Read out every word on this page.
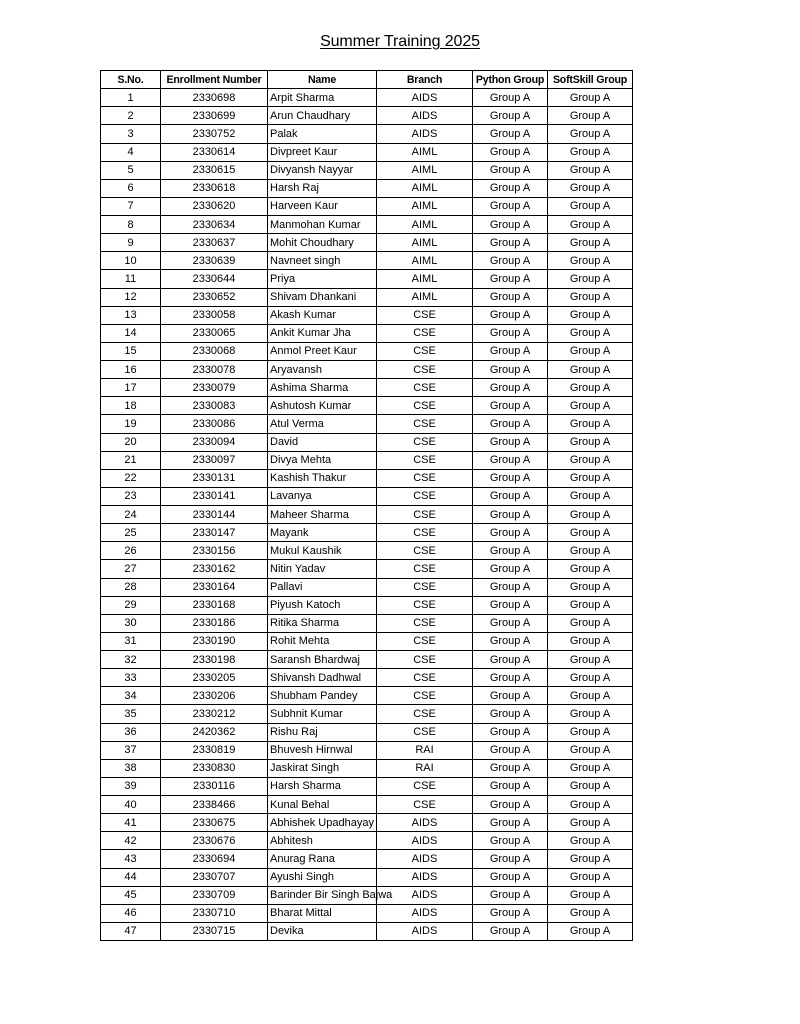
Summer Training 2025
S.No.	Enrollment Number	Name	Branch	Python Group	SoftSkill Group
1	2330698	Arpit Sharma	AIDS	Group A	Group A
2	2330699	Arun Chaudhary	AIDS	Group A	Group A
3	2330752	Palak	AIDS	Group A	Group A
4	2330614	Divpreet Kaur	AIML	Group A	Group A
5	2330615	Divyansh Nayyar	AIML	Group A	Group A
6	2330618	Harsh Raj	AIML	Group A	Group A
7	2330620	Harveen Kaur	AIML	Group A	Group A
8	2330634	Manmohan Kumar	AIML	Group A	Group A
9	2330637	Mohit Choudhary	AIML	Group A	Group A
10	2330639	Navneet singh	AIML	Group A	Group A
11	2330644	Priya	AIML	Group A	Group A
12	2330652	Shivam Dhankani	AIML	Group A	Group A
13	2330058	Akash Kumar	CSE	Group A	Group A
14	2330065	Ankit Kumar Jha	CSE	Group A	Group A
15	2330068	Anmol Preet Kaur	CSE	Group A	Group A
16	2330078	Aryavansh	CSE	Group A	Group A
17	2330079	Ashima Sharma	CSE	Group A	Group A
18	2330083	Ashutosh Kumar	CSE	Group A	Group A
19	2330086	Atul Verma	CSE	Group A	Group A
20	2330094	David	CSE	Group A	Group A
21	2330097	Divya Mehta	CSE	Group A	Group A
22	2330131	Kashish Thakur	CSE	Group A	Group A
23	2330141	Lavanya	CSE	Group A	Group A
24	2330144	Maheer Sharma	CSE	Group A	Group A
25	2330147	Mayank	CSE	Group A	Group A
26	2330156	Mukul Kaushik	CSE	Group A	Group A
27	2330162	Nitin Yadav	CSE	Group A	Group A
28	2330164	Pallavi	CSE	Group A	Group A
29	2330168	Piyush Katoch	CSE	Group A	Group A
30	2330186	Ritika Sharma	CSE	Group A	Group A
31	2330190	Rohit Mehta	CSE	Group A	Group A
32	2330198	Saransh Bhardwaj	CSE	Group A	Group A
33	2330205	Shivansh Dadhwal	CSE	Group A	Group A
34	2330206	Shubham Pandey	CSE	Group A	Group A
35	2330212	Subhnit Kumar	CSE	Group A	Group A
36	2420362	Rishu Raj	CSE	Group A	Group A
37	2330819	Bhuvesh Hirnwal	RAI	Group A	Group A
38	2330830	Jaskirat Singh	RAI	Group A	Group A
39	2330116	Harsh Sharma	CSE	Group A	Group A
40	2338466	Kunal Behal	CSE	Group A	Group A
41	2330675	Abhishek Upadhayay	AIDS	Group A	Group A
42	2330676	Abhitesh	AIDS	Group A	Group A
43	2330694	Anurag Rana	AIDS	Group A	Group A
44	2330707	Ayushi Singh	AIDS	Group A	Group A
45	2330709	Barinder Bir Singh Bajwa	AIDS	Group A	Group A
46	2330710	Bharat Mittal	AIDS	Group A	Group A
47	2330715	Devika	AIDS	Group A	Group A
